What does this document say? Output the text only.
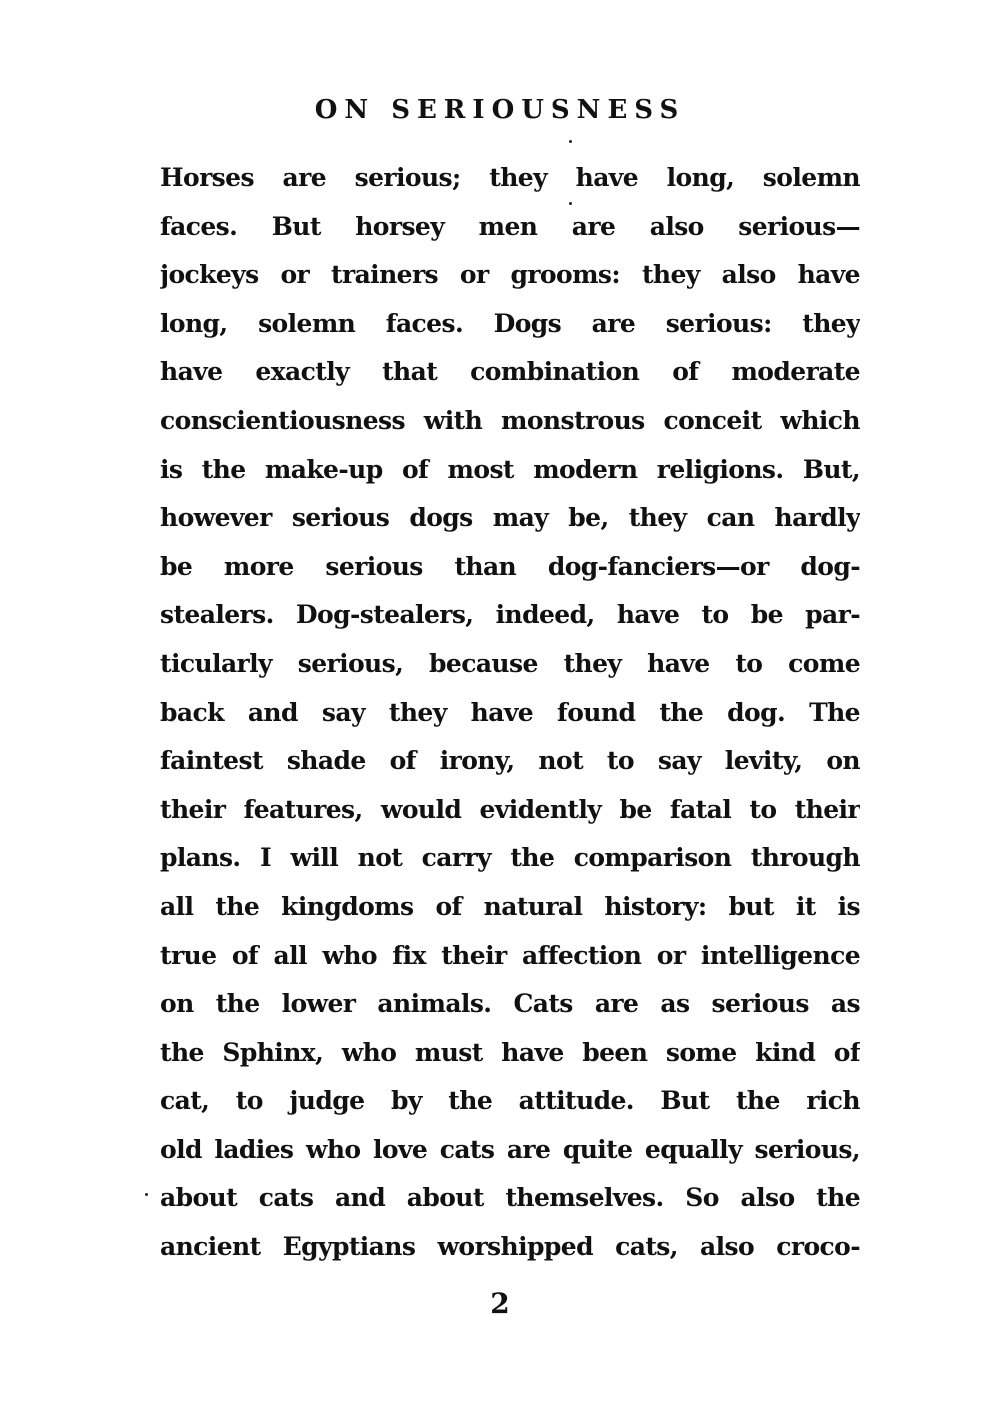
ON SERIOUSNESS
Horses are serious; they have long, solemn
faces. But horsey men are also serious—
jockeys or trainers or grooms: they also have
long, solemn faces. Dogs are serious: they
have exactly that combination of moderate
conscientiousness with monstrous conceit which
is the make-up of most modern religions. But,
however serious dogs may be, they can hardly
be more serious than dog-fanciers—or dog-
stealers. Dog-stealers, indeed, have to be par-
ticularly serious, because they have to come
back and say they have found the dog. The
faintest shade of irony, not to say levity, on
their features, would evidently be fatal to their
plans. I will not carry the comparison through
all the kingdoms of natural history: but it is
true of all who fix their affection or intelligence
on the lower animals. Cats are as serious as
the Sphinx, who must have been some kind of
cat, to judge by the attitude. But the rich
old ladies who love cats are quite equally serious,
about cats and about themselves. So also the
ancient Egyptians worshipped cats, also croco-
2
